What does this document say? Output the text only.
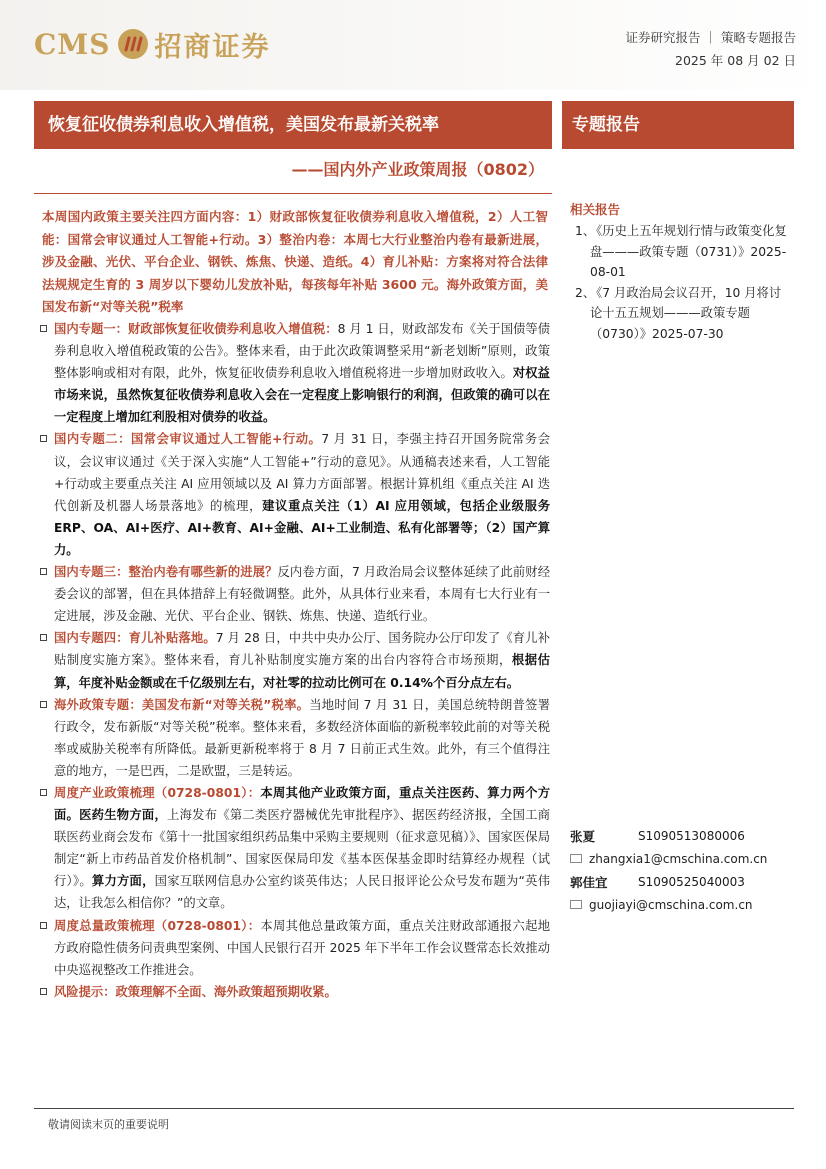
CMS 招商证券	证券研究报告 ｜ 策略专题报告
2025 年 08 月 02 日
恢复征收债券利息收入增值税，美国发布最新关税率
——国内外产业政策周报（0802）
专题报告
本周国内政策主要关注四方面内容：1）财政部恢复征收债券利息收入增值税，2）人工智能：国常会审议通过人工智能+行动。3）整治内卷：本周七大行业整治内卷有最新进展，涉及金融、光伏、平台企业、钢铁、炼焦、快递、造纸。4）育儿补贴：方案将对符合法律法规规定生育的 3 周岁以下婴幼儿发放补贴，每孩每年补贴 3600 元。海外政策方面，美国发布新“对等关税”税率
国内专题一：财政部恢复征收债券利息收入增值税：8 月 1 日，财政部发布《关于国债等债券利息收入增值税政策的公告》。整体来看，由于此次政策调整采用“新老划断”原则，政策整体影响或相对有限，此外，恢复征收债券利息收入增值税将进一步增加财政收入。对权益市场来说，虽然恢复征收债券利息收入会在一定程度上影响银行的利润，但政策的确可以在一定程度上增加红利股相对债券的收益。
国内专题二：国常会审议通过人工智能+行动。7 月 31 日，李强主持召开国务院常务会议，会议审议通过《关于深入实施“人工智能+”行动的意见》。从通稿表述来看，人工智能+行动或主要重点关注 AI 应用领域以及 AI 算力方面部署。根据计算机组《重点关注 AI 迭代创新及机器人场景落地》的梳理，建议重点关注（1）AI 应用领域，包括企业级服务 ERP、OA、AI+医疗、AI+教育、AI+金融、AI+工业制造、私有化部署等；（2）国产算力。
国内专题三：整治内卷有哪些新的进展？反内卷方面，7 月政治局会议整体延续了此前财经委会议的部署，但在具体措辞上有轻微调整。此外，从具体行业来看，本周有七大行业有一定进展，涉及金融、光伏、平台企业、钢铁、炼焦、快递、造纸行业。
国内专题四：育儿补贴落地。7 月 28 日，中共中央办公厅、国务院办公厅印发了《育儿补贴制度实施方案》。整体来看，育儿补贴制度实施方案的出台内容符合市场预期，根据估算，年度补贴金额或在千亿级别左右，对社零的拉动比例可在 0.14%个百分点左右。
海外政策专题：美国发布新“对等关税”税率。当地时间 7 月 31 日，美国总统特朗普签署行政令，发布新版“对等关税”税率。整体来看，多数经济体面临的新税率较此前的对等关税率或威胁关税率有所降低。最新更新税率将于 8 月 7 日前正式生效。此外，有三个值得注意的地方，一是巴西，二是欧盟，三是转运。
周度产业政策梳理（0728-0801）：本周其他产业政策方面，重点关注医药、算力两个方面。医药生物方面，上海发布《第二类医疗器械优先审批程序》、据医药经济报，全国工商联医药业商会发布《第十一批国家组织药品集中采购主要规则（征求意见稿）》、国家医保局制定“新上市药品首发价格机制”、国家医保局印发《基本医保基金即时结算经办规程（试行）》。算力方面，国家互联网信息办公室约谈英伟达；人民日报评论公众号发布题为“英伟达，让我怎么相信你？”的文章。
周度总量政策梳理（0728-0801）：本周其他总量政策方面，重点关注财政部通报六起地方政府隐性债务问责典型案例、中国人民银行召开 2025 年下半年工作会议暨常态长效推动中央巡视整改工作推进会。
风险提示：政策理解不全面、海外政策超预期收紧。
相关报告
1、
《历史上五年规划行情与政策变化复盘———政策专题（0731）》2025-08-01
2、
《7 月政治局会议召开，10 月将讨论十五五规划———政策专题（0730）》2025-07-30
张夏	S1090513080006
zhangxia1@cmschina.com.cn
郭佳宜	S1090525040003
guojiayi@cmschina.com.cn
敬请阅读末页的重要说明
